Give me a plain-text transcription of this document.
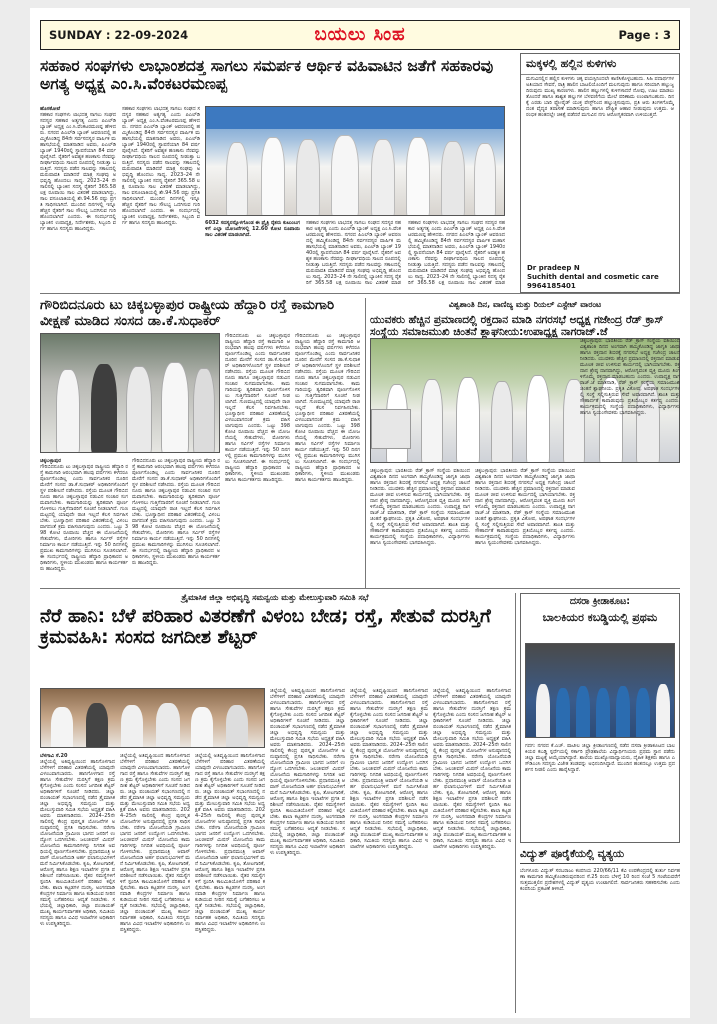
SUNDAY : 22-09-2024	ಬಯಲು ಸಿಂಹ	Page : 3
ಸಹಕಾರ ಸಂಘಗಳು ಲಾಭಾಂಶದತ್ತ ಸಾಗಲು ಸಮರ್ಪಕ ಆರ್ಥಿಕ ವಹಿವಾಟಿನ ಜತೆಗೆ ಸಹಕಾರವು ಅಗತ್ಯ ಅಧ್ಯಕ್ಷ ಎಂ.ಸಿ.ವೆಂಕಟರಮಣಪ್ಪ
ಹೊಸಕೋಟೆ
ಸಹಕಾರ ಸಂಘಗಳು ಲಾಭದತ್ತ ಸಾಗಲು ಸಂಘದ ಸದಸ್ಯರ ಸಹಕಾರ ಅತ್ಯಗತ್ಯ ಎಂದು ಪಿಎಲ್‌ಡಿ ಬ್ಯಾಂಕ್ ಅಧ್ಯಕ್ಷ ಎಂ.ಸಿ.ವೆಂಕಟರಮಣಪ್ಪ ಹೇಳಿದರು. ನಗರದ ಪಿಎಲ್‌ಡಿ ಬ್ಯಾಂಕ್ ಆವರಣದಲ್ಲಿ ಹಮ್ಮಿಕೊಂಡಿದ್ದ 84ನೇ ಸರ್ವಸದಸ್ಯರ ವಾರ್ಷಿಕ ಮಹಾಸಭೆಯಲ್ಲಿ ಮಾತನಾಡಿದ ಅವರು, ಪಿಎಲ್‌ಡಿ ಬ್ಯಾಂಕ್ 1940ರಲ್ಲಿ ಸ್ಥಾಪನೆಯಾಗಿ 84 ವರ್ಷ ಪೂರೈಸಿದೆ. ರೈತರಿಗೆ ಅವಶ್ಯಕ ಹಣಕಾಸು ನೆರವನ್ನು ದೀರ್ಘಾವಧಿಯ ಸಾಲದ ರೂಪದಲ್ಲಿ ನೀಡುತ್ತಾ ಬರುತ್ತಿದೆ. ಸದಸ್ಯರು ಪಡೆದ ಸಾಲವನ್ನು ಸಕಾಲದಲ್ಲಿ ಮರುಪಾವತಿ ಮಾಡಿದರೆ ಮಾತ್ರ ಸಂಘವು ಅಭಿವೃದ್ಧಿ ಹೊಂದಲು ಸಾಧ್ಯ. 2023–24 ನೇ ಸಾಲಿನಲ್ಲಿ ಬ್ಯಾಂಕಿನ ಸದಸ್ಯ ರೈತರಿಗೆ 365.58 ಲಕ್ಷ ರೂಪಾಯಿ ಸಾಲ ವಿತರಣೆ ಮಾಡಲಾಗಿದ್ದು, ಸಾಲ ವಸೂಲಾತಿಯಲ್ಲಿ ಶೇ.94.56 ರಷ್ಟು ಪ್ರಗತಿ ಸಾಧಿಸಲಾಗಿದೆ. ಮುಂದಿನ ದಿನಗಳಲ್ಲಿ ಇನ್ನೂ ಹೆಚ್ಚಿನ ರೈತರಿಗೆ ಸಾಲ ಸೌಲಭ್ಯ ಒದಗಿಸುವ ಗುರಿ ಹೊಂದಲಾಗಿದೆ ಎಂದರು. ಈ ಸಂದರ್ಭದಲ್ಲಿ ಬ್ಯಾಂಕಿನ ಉಪಾಧ್ಯಕ್ಷ, ನಿರ್ದೇಶಕರು, ಸಿಬ್ಬಂದಿ ವರ್ಗ ಹಾಗೂ ಸದಸ್ಯರು ಹಾಜರಿದ್ದರು.
ಸಹಕಾರ ಸಂಘಗಳು ಲಾಭದತ್ತ ಸಾಗಲು ಸಂಘದ ಸದಸ್ಯರ ಸಹಕಾರ ಅತ್ಯಗತ್ಯ ಎಂದು ಪಿಎಲ್‌ಡಿ ಬ್ಯಾಂಕ್ ಅಧ್ಯಕ್ಷ ಎಂ.ಸಿ.ವೆಂಕಟರಮಣಪ್ಪ ಹೇಳಿದರು. ನಗರದ ಪಿಎಲ್‌ಡಿ ಬ್ಯಾಂಕ್ ಆವರಣದಲ್ಲಿ ಹಮ್ಮಿಕೊಂಡಿದ್ದ 84ನೇ ಸರ್ವಸದಸ್ಯರ ವಾರ್ಷಿಕ ಮಹಾಸಭೆಯಲ್ಲಿ ಮಾತನಾಡಿದ ಅವರು, ಪಿಎಲ್‌ಡಿ ಬ್ಯಾಂಕ್ 1940ರಲ್ಲಿ ಸ್ಥಾಪನೆಯಾಗಿ 84 ವರ್ಷ ಪೂರೈಸಿದೆ. ರೈತರಿಗೆ ಅವಶ್ಯಕ ಹಣಕಾಸು ನೆರವನ್ನು ದೀರ್ಘಾವಧಿಯ ಸಾಲದ ರೂಪದಲ್ಲಿ ನೀಡುತ್ತಾ ಬರುತ್ತಿದೆ. ಸದಸ್ಯರು ಪಡೆದ ಸಾಲವನ್ನು ಸಕಾಲದಲ್ಲಿ ಮರುಪಾವತಿ ಮಾಡಿದರೆ ಮಾತ್ರ ಸಂಘವು ಅಭಿವೃದ್ಧಿ ಹೊಂದಲು ಸಾಧ್ಯ. 2023–24 ನೇ ಸಾಲಿನಲ್ಲಿ ಬ್ಯಾಂಕಿನ ಸದಸ್ಯ ರೈತರಿಗೆ 365.58 ಲಕ್ಷ ರೂಪಾಯಿ ಸಾಲ ವಿತರಣೆ ಮಾಡಲಾಗಿದ್ದು, ಸಾಲ ವಸೂಲಾತಿಯಲ್ಲಿ ಶೇ.94.56 ರಷ್ಟು ಪ್ರಗತಿ ಸಾಧಿಸಲಾಗಿದೆ. ಮುಂದಿನ ದಿನಗಳಲ್ಲಿ ಇನ್ನೂ ಹೆಚ್ಚಿನ ರೈತರಿಗೆ ಸಾಲ ಸೌಲಭ್ಯ ಒದಗಿಸುವ ಗುರಿ ಹೊಂದಲಾಗಿದೆ ಎಂದರು. ಈ ಸಂದರ್ಭದಲ್ಲಿ ಬ್ಯಾಂಕಿನ ಉಪಾಧ್ಯಕ್ಷ, ನಿರ್ದೇಶಕರು, ಸಿಬ್ಬಂದಿ ವರ್ಗ ಹಾಗೂ ಸದಸ್ಯರು ಹಾಜರಿದ್ದರು.	6032 ಸದಸ್ಯರನ್ನೊಳಗೊಂಡ ಈ ಪ್ರೈತ್ರಿ ರೈತರು ಕುಟುಂಬಗಳಿಗೆ ಎಲ್ಲಾ ಯೋಜನೆಗಳಲ್ಲಿ 12.60 ಕೋಟಿ ರೂಪಾಯಿ ಸಾಲ ವಿತರಣೆ ಮಾಡಲಾಗಿದೆ.
ಸಹಕಾರ ಸಂಘಗಳು ಲಾಭದತ್ತ ಸಾಗಲು ಸಂಘದ ಸದಸ್ಯರ ಸಹಕಾರ ಅತ್ಯಗತ್ಯ ಎಂದು ಪಿಎಲ್‌ಡಿ ಬ್ಯಾಂಕ್ ಅಧ್ಯಕ್ಷ ಎಂ.ಸಿ.ವೆಂಕಟರಮಣಪ್ಪ ಹೇಳಿದರು. ನಗರದ ಪಿಎಲ್‌ಡಿ ಬ್ಯಾಂಕ್ ಆವರಣದಲ್ಲಿ ಹಮ್ಮಿಕೊಂಡಿದ್ದ 84ನೇ ಸರ್ವಸದಸ್ಯರ ವಾರ್ಷಿಕ ಮಹಾಸಭೆಯಲ್ಲಿ ಮಾತನಾಡಿದ ಅವರು, ಪಿಎಲ್‌ಡಿ ಬ್ಯಾಂಕ್ 1940ರಲ್ಲಿ ಸ್ಥಾಪನೆಯಾಗಿ 84 ವರ್ಷ ಪೂರೈಸಿದೆ. ರೈತರಿಗೆ ಅವಶ್ಯಕ ಹಣಕಾಸು ನೆರವನ್ನು ದೀರ್ಘಾವಧಿಯ ಸಾಲದ ರೂಪದಲ್ಲಿ ನೀಡುತ್ತಾ ಬರುತ್ತಿದೆ. ಸದಸ್ಯರು ಪಡೆದ ಸಾಲವನ್ನು ಸಕಾಲದಲ್ಲಿ ಮರುಪಾವತಿ ಮಾಡಿದರೆ ಮಾತ್ರ ಸಂಘವು ಅಭಿವೃದ್ಧಿ ಹೊಂದಲು ಸಾಧ್ಯ. 2023–24 ನೇ ಸಾಲಿನಲ್ಲಿ ಬ್ಯಾಂಕಿನ ಸದಸ್ಯ ರೈತರಿಗೆ 365.58 ಲಕ್ಷ ರೂಪಾಯಿ ಸಾಲ ವಿತರಣೆ ಮಾಡ
ಸಹಕಾರ ಸಂಘಗಳು ಲಾಭದತ್ತ ಸಾಗಲು ಸಂಘದ ಸದಸ್ಯರ ಸಹಕಾರ ಅತ್ಯಗತ್ಯ ಎಂದು ಪಿಎಲ್‌ಡಿ ಬ್ಯಾಂಕ್ ಅಧ್ಯಕ್ಷ ಎಂ.ಸಿ.ವೆಂಕಟರಮಣಪ್ಪ ಹೇಳಿದರು. ನಗರದ ಪಿಎಲ್‌ಡಿ ಬ್ಯಾಂಕ್ ಆವರಣದಲ್ಲಿ ಹಮ್ಮಿಕೊಂಡಿದ್ದ 84ನೇ ಸರ್ವಸದಸ್ಯರ ವಾರ್ಷಿಕ ಮಹಾಸಭೆಯಲ್ಲಿ ಮಾತನಾಡಿದ ಅವರು, ಪಿಎಲ್‌ಡಿ ಬ್ಯಾಂಕ್ 1940ರಲ್ಲಿ ಸ್ಥಾಪನೆಯಾಗಿ 84 ವರ್ಷ ಪೂರೈಸಿದೆ. ರೈತರಿಗೆ ಅವಶ್ಯಕ ಹಣಕಾಸು ನೆರವನ್ನು ದೀರ್ಘಾವಧಿಯ ಸಾಲದ ರೂಪದಲ್ಲಿ ನೀಡುತ್ತಾ ಬರುತ್ತಿದೆ. ಸದಸ್ಯರು ಪಡೆದ ಸಾಲವನ್ನು ಸಕಾಲದಲ್ಲಿ ಮರುಪಾವತಿ ಮಾಡಿದರೆ ಮಾತ್ರ ಸಂಘವು ಅಭಿವೃದ್ಧಿ ಹೊಂದಲು ಸಾಧ್ಯ. 2023–24 ನೇ ಸಾಲಿನಲ್ಲಿ ಬ್ಯಾಂಕಿನ ಸದಸ್ಯ ರೈತರಿಗೆ 365.58 ಲಕ್ಷ ರೂಪಾಯಿ ಸಾಲ ವಿತರಣೆ ಮಾಡ
ಮಕ್ಕಳಲ್ಲಿ ಹಲ್ಲಿನ ಕುಳಿಗಳು
ಮಗುವಿನಲ್ಲಿನ ಹಲ್ಲಿನ ಕುಳಿಗಳು ಚಿಕ್ಕ ವಯಸ್ಸಿನಿಂದಲೇ ಕಾಣಿಸಿಕೊಳ್ಳಬಹುದು. ಸಿಹಿ ಪದಾರ್ಥಗಳ ಅತಿಯಾದ ಸೇವನೆ, ರಾತ್ರಿ ಹಾಲಿನ ಬಾಟಲಿಯೊಂದಿಗೆ ಮಲಗುವುದು ಹಾಗೂ ಸರಿಯಾಗಿ ಹಲ್ಲುಜ್ಜದಿರುವುದು ಮುಖ್ಯ ಕಾರಣಗಳು. ಹಾಲಿನ ಹಲ್ಲುಗಳಲ್ಲಿ ಕುಳಿಗಳಾದರೆ ನೋವು, ಊಟ ಮಾಡಲು ತೊಂದರೆ ಹಾಗೂ ಶಾಶ್ವತ ಹಲ್ಲುಗಳ ಬೆಳವಣಿಗೆಯ ಮೇಲೆ ಪರಿಣಾಮ ಉಂಟಾಗಬಹುದು. ದಿನಕ್ಕೆ ಎರಡು ಬಾರಿ ಫ್ಲೋರೈಡ್ ಯುಕ್ತ ಪೇಸ್ಟ್‌ನಿಂದ ಹಲ್ಲುಜ್ಜಿಸುವುದು, ಪ್ರತಿ ಆರು ತಿಂಗಳಿಗೊಮ್ಮೆ ದಂತ ವೈದ್ಯರ ತಪಾಸಣೆ ಮಾಡಿಸುವುದು ಹಾಗೂ ಪೌಷ್ಟಿಕ ಆಹಾರ ನೀಡುವುದು ಉತ್ತಮ. ಆರಂಭಿಕ ಹಂತದಲ್ಲೇ ಚಿಕಿತ್ಸೆ ಪಡೆದರೆ ಮಗುವಿನ ನಗು ಆರೋಗ್ಯಕರವಾಗಿ ಉಳಿಯುತ್ತದೆ.
Dr pradeep N
Suchith dental and cosmetic care
9964185401
ಗೌರಿಬಿದನೂರು ಟು ಚಿಕ್ಕಬಳ್ಳಾಪುರ ರಾಷ್ಟ್ರೀಯ ಹೆದ್ದಾರಿ ರಸ್ತೆ ಕಾಮಗಾರಿ ವೀಕ್ಷಣೆ ಮಾಡಿದ ಸಂಸದ ಡಾ.ಕೆ.ಸುಧಾಕರ್
ಗೌರಿಬಿದನೂರು ಟು ಚಿಕ್ಕಬಳ್ಳಾಪುರ ರಾಷ್ಟ್ರೀಯ ಹೆದ್ದಾರಿ ರಸ್ತೆ ಕಾಮಗಾರಿ ಆರಂಭವಾಗಿ ಹಲವು ವರ್ಷಗಳು ಕಳೆದರೂ ಪೂರ್ಣಗೊಂಡಿಲ್ಲ ಎಂದು ಸಾರ್ವಜನಿಕರ ದೂರಿನ ಮೇರೆಗೆ ಸಂಸದ ಡಾ.ಕೆ.ಸುಧಾಕರ್ ಅಧಿಕಾರಿಗಳೊಂದಿಗೆ ಸ್ಥಳ ಪರಿಶೀಲನೆ ನಡೆಸಿದರು. ರಸ್ತೆಯ ಮೂಲಕ ಗೌರಿಬಿದನೂರು ಹಾಗೂ ಚಿಕ್ಕಬಳ್ಳಾಪುರ ನಡುವಿನ ಸಂಚಾರ ಸುಗಮವಾಗಬೇಕು. ಕಾಮಗಾರಿಯನ್ನು ತ್ವರಿತವಾಗಿ ಪೂರ್ಣಗೊಳಿಸಲು ಗುತ್ತಿಗೆದಾರರಿಗೆ ಸೂಚನೆ ನೀಡಲಾಗಿದೆ. ಗುಣಮಟ್ಟದಲ್ಲಿ ಯಾವುದೇ ರಾಜಿ ಇಲ್ಲದೆ ಕೆಲಸ ನಿರ್ವಹಿಸಬೇಕು. ಭೂಸ್ವಾಧೀನ ಪರಿಹಾರ ವಿತರಣೆಯಲ್ಲಿ ವಿಳಂಬವಾಗದಂತೆ ಕ್ರಮ ವಹಿಸಲಾಗುವುದು ಎಂದರು. ಒಟ್ಟು 398 ಕೋಟಿ ರೂಪಾಯಿ ವೆಚ್ಚದ ಈ ಯೋಜನೆಯಲ್ಲಿ ಸೇತುವೆಗಳು, ಮೋರಿಗಳು ಹಾಗೂ ಸರ್ವಿಸ್ ರಸ್ತೆಗಳ ನಿರ್ಮಾಣ ಕಾರ್ಯ ನಡೆಯುತ್ತಿದೆ. ಇನ್ನು 50 ದಿನಗಳಲ್ಲಿ ಪ್ರಮುಖ ಕಾಮಗಾರಿಗಳನ್ನು ಮುಗಿಸಲು ಸೂಚಿಸಲಾಗಿದೆ. ಈ ಸಂದರ್ಭದಲ್ಲಿ ರಾಷ್ಟ್ರೀಯ ಹೆದ್ದಾರಿ ಪ್ರಾಧಿಕಾರದ ಅಧಿಕಾರಿಗಳು, ಸ್ಥಳೀಯ ಮುಖಂಡರು ಹಾಗೂ ಕಾರ್ಯಕರ್ತರು ಹಾಜರಿದ್ದರು.
ಗೌರಿಬಿದನೂರು ಟು ಚಿಕ್ಕಬಳ್ಳಾಪುರ ರಾಷ್ಟ್ರೀಯ ಹೆದ್ದಾರಿ ರಸ್ತೆ ಕಾಮಗಾರಿ ಆರಂಭವಾಗಿ ಹಲವು ವರ್ಷಗಳು ಕಳೆದರೂ ಪೂರ್ಣಗೊಂಡಿಲ್ಲ ಎಂದು ಸಾರ್ವಜನಿಕರ ದೂರಿನ ಮೇರೆಗೆ ಸಂಸದ ಡಾ.ಕೆ.ಸುಧಾಕರ್ ಅಧಿಕಾರಿಗಳೊಂದಿಗೆ ಸ್ಥಳ ಪರಿಶೀಲನೆ ನಡೆಸಿದರು. ರಸ್ತೆಯ ಮೂಲಕ ಗೌರಿಬಿದನೂರು ಹಾಗೂ ಚಿಕ್ಕಬಳ್ಳಾಪುರ ನಡುವಿನ ಸಂಚಾರ ಸುಗಮವಾಗಬೇಕು. ಕಾಮಗಾರಿಯನ್ನು ತ್ವರಿತವಾಗಿ ಪೂರ್ಣಗೊಳಿಸಲು ಗುತ್ತಿಗೆದಾರರಿಗೆ ಸೂಚನೆ ನೀಡಲಾಗಿದೆ. ಗುಣಮಟ್ಟದಲ್ಲಿ ಯಾವುದೇ ರಾಜಿ ಇಲ್ಲದೆ ಕೆಲಸ ನಿರ್ವಹಿಸಬೇಕು. ಭೂಸ್ವಾಧೀನ ಪರಿಹಾರ ವಿತರಣೆಯಲ್ಲಿ ವಿಳಂಬವಾಗದಂತೆ ಕ್ರಮ ವಹಿಸಲಾಗುವುದು ಎಂದರು. ಒಟ್ಟು 398 ಕೋಟಿ ರೂಪಾಯಿ ವೆಚ್ಚದ ಈ ಯೋಜನೆಯಲ್ಲಿ ಸೇತುವೆಗಳು, ಮೋರಿಗಳು ಹಾಗೂ ಸರ್ವಿಸ್ ರಸ್ತೆಗಳ ನಿರ್ಮಾಣ ಕಾರ್ಯ ನಡೆಯುತ್ತಿದೆ. ಇನ್ನು 50 ದಿನಗಳಲ್ಲಿ ಪ್ರಮುಖ ಕಾಮಗಾರಿಗಳನ್ನು ಮುಗಿಸಲು ಸೂಚಿಸಲಾಗಿದೆ. ಈ ಸಂದರ್ಭದಲ್ಲಿ ರಾಷ್ಟ್ರೀಯ ಹೆದ್ದಾರಿ ಪ್ರಾಧಿಕಾರದ ಅಧಿಕಾರಿಗಳು, ಸ್ಥಳೀಯ ಮುಖಂಡರು ಹಾಗೂ ಕಾರ್ಯಕರ್ತರು ಹಾಜರಿದ್ದರು.
ಚಿಕ್ಕಬಳ್ಳಾಪುರ
ಗೌರಿಬಿದನೂರು ಟು ಚಿಕ್ಕಬಳ್ಳಾಪುರ ರಾಷ್ಟ್ರೀಯ ಹೆದ್ದಾರಿ ರಸ್ತೆ ಕಾಮಗಾರಿ ಆರಂಭವಾಗಿ ಹಲವು ವರ್ಷಗಳು ಕಳೆದರೂ ಪೂರ್ಣಗೊಂಡಿಲ್ಲ ಎಂದು ಸಾರ್ವಜನಿಕರ ದೂರಿನ ಮೇರೆಗೆ ಸಂಸದ ಡಾ.ಕೆ.ಸುಧಾಕರ್ ಅಧಿಕಾರಿಗಳೊಂದಿಗೆ ಸ್ಥಳ ಪರಿಶೀಲನೆ ನಡೆಸಿದರು. ರಸ್ತೆಯ ಮೂಲಕ ಗೌರಿಬಿದನೂರು ಹಾಗೂ ಚಿಕ್ಕಬಳ್ಳಾಪುರ ನಡುವಿನ ಸಂಚಾರ ಸುಗಮವಾಗಬೇಕು. ಕಾಮಗಾರಿಯನ್ನು ತ್ವರಿತವಾಗಿ ಪೂರ್ಣಗೊಳಿಸಲು ಗುತ್ತಿಗೆದಾರರಿಗೆ ಸೂಚನೆ ನೀಡಲಾಗಿದೆ. ಗುಣಮಟ್ಟದಲ್ಲಿ ಯಾವುದೇ ರಾಜಿ ಇಲ್ಲದೆ ಕೆಲಸ ನಿರ್ವಹಿಸಬೇಕು. ಭೂಸ್ವಾಧೀನ ಪರಿಹಾರ ವಿತರಣೆಯಲ್ಲಿ ವಿಳಂಬವಾಗದಂತೆ ಕ್ರಮ ವಹಿಸಲಾಗುವುದು ಎಂದರು. ಒಟ್ಟು 398 ಕೋಟಿ ರೂಪಾಯಿ ವೆಚ್ಚದ ಈ ಯೋಜನೆಯಲ್ಲಿ ಸೇತುವೆಗಳು, ಮೋರಿಗಳು ಹಾಗೂ ಸರ್ವಿಸ್ ರಸ್ತೆಗಳ ನಿರ್ಮಾಣ ಕಾರ್ಯ ನಡೆಯುತ್ತಿದೆ. ಇನ್ನು 50 ದಿನಗಳಲ್ಲಿ ಪ್ರಮುಖ ಕಾಮಗಾರಿಗಳನ್ನು ಮುಗಿಸಲು ಸೂಚಿಸಲಾಗಿದೆ. ಈ ಸಂದರ್ಭದಲ್ಲಿ ರಾಷ್ಟ್ರೀಯ ಹೆದ್ದಾರಿ ಪ್ರಾಧಿಕಾರದ ಅಧಿಕಾರಿಗಳು, ಸ್ಥಳೀಯ ಮುಖಂಡರು ಹಾಗೂ ಕಾರ್ಯಕರ್ತರು ಹಾಜರಿದ್ದರು.
ಗೌರಿಬಿದನೂರು ಟು ಚಿಕ್ಕಬಳ್ಳಾಪುರ ರಾಷ್ಟ್ರೀಯ ಹೆದ್ದಾರಿ ರಸ್ತೆ ಕಾಮಗಾರಿ ಆರಂಭವಾಗಿ ಹಲವು ವರ್ಷಗಳು ಕಳೆದರೂ ಪೂರ್ಣಗೊಂಡಿಲ್ಲ ಎಂದು ಸಾರ್ವಜನಿಕರ ದೂರಿನ ಮೇರೆಗೆ ಸಂಸದ ಡಾ.ಕೆ.ಸುಧಾಕರ್ ಅಧಿಕಾರಿಗಳೊಂದಿಗೆ ಸ್ಥಳ ಪರಿಶೀಲನೆ ನಡೆಸಿದರು. ರಸ್ತೆಯ ಮೂಲಕ ಗೌರಿಬಿದನೂರು ಹಾಗೂ ಚಿಕ್ಕಬಳ್ಳಾಪುರ ನಡುವಿನ ಸಂಚಾರ ಸುಗಮವಾಗಬೇಕು. ಕಾಮಗಾರಿಯನ್ನು ತ್ವರಿತವಾಗಿ ಪೂರ್ಣಗೊಳಿಸಲು ಗುತ್ತಿಗೆದಾರರಿಗೆ ಸೂಚನೆ ನೀಡಲಾಗಿದೆ. ಗುಣಮಟ್ಟದಲ್ಲಿ ಯಾವುದೇ ರಾಜಿ ಇಲ್ಲದೆ ಕೆಲಸ ನಿರ್ವಹಿಸಬೇಕು. ಭೂಸ್ವಾಧೀನ ಪರಿಹಾರ ವಿತರಣೆಯಲ್ಲಿ ವಿಳಂಬವಾಗದಂತೆ ಕ್ರಮ ವಹಿಸಲಾಗುವುದು ಎಂದರು. ಒಟ್ಟು 398 ಕೋಟಿ ರೂಪಾಯಿ ವೆಚ್ಚದ ಈ ಯೋಜನೆಯಲ್ಲಿ ಸೇತುವೆಗಳು, ಮೋರಿಗಳು ಹಾಗೂ ಸರ್ವಿಸ್ ರಸ್ತೆಗಳ ನಿರ್ಮಾಣ ಕಾರ್ಯ ನಡೆಯುತ್ತಿದೆ. ಇನ್ನು 50 ದಿನಗಳಲ್ಲಿ ಪ್ರಮುಖ ಕಾಮಗಾರಿಗಳನ್ನು ಮುಗಿಸಲು ಸೂಚಿಸಲಾಗಿದೆ. ಈ ಸಂದರ್ಭದಲ್ಲಿ ರಾಷ್ಟ್ರೀಯ ಹೆದ್ದಾರಿ ಪ್ರಾಧಿಕಾರದ ಅಧಿಕಾರಿಗಳು, ಸ್ಥಳೀಯ ಮುಖಂಡರು ಹಾಗೂ ಕಾರ್ಯಕರ್ತರು ಹಾಜರಿದ್ದರು.
ವಿಶ್ವಶಾಂತಿ ದಿನ, ವಾಣಿಜ್ಯ ಮತ್ತು ರಿಯಲ್ ಎಸ್ಟೇಟ್ ವಾರಂಟ
ಯುವಕರು ಹೆಚ್ಚಿನ ಪ್ರಮಾಣದಲ್ಲಿ ರಕ್ತದಾನ ಮಾಡಿ ನಗರಸಭೆ ಅಧ್ಯಕ್ಷ ಗಜೇಂದ್ರ ರೆಡ್ ಕ್ರಾಸ್ ಸಂಸ್ಥೆಯ ಸಮಾಜಮುಖಿ ಚಿಂತನೆ ಶ್ಲಾಘನೀಯ:ಉಪಾಧ್ಯಕ್ಷ ನಾಗರಾಜ್.ಜೆ
ಚಿಕ್ಕಬಳ್ಳಾಪುರ: ಭಾರತೀಯ ರೆಡ್ ಕ್ರಾಸ್ ಸಂಸ್ಥೆಯ ವತಿಯಿಂದ ವಿಶ್ವಶಾಂತಿ ದಿನದ ಅಂಗವಾಗಿ ಹಮ್ಮಿಕೊಂಡಿದ್ದ ಜಾಗೃತಿ ಜಾಥಾ ಹಾಗೂ ರಕ್ತದಾನ ಶಿಬಿರಕ್ಕೆ ನಗರಸಭೆ ಅಧ್ಯಕ್ಷ ಗಜೇಂದ್ರ ಚಾಲನೆ ನೀಡಿದರು. ಯುವಕರು ಹೆಚ್ಚಿನ ಪ್ರಮಾಣದಲ್ಲಿ ರಕ್ತದಾನ ಮಾಡುವ ಮೂಲಕ ಜೀವ ಉಳಿಸುವ ಕಾರ್ಯದಲ್ಲಿ ಭಾಗಿಯಾಗಬೇಕು. ರಕ್ತದಾನ ಶ್ರೇಷ್ಠ ದಾನವಾಗಿದ್ದು, ಆರೋಗ್ಯವಂತ ವ್ಯಕ್ತಿ ಮೂರು ತಿಂಗಳಿಗೊಮ್ಮೆ ರಕ್ತದಾನ ಮಾಡಬಹುದು ಎಂದರು. ಉಪಾಧ್ಯಕ್ಷ ನಾಗರಾಜ್.ಜೆ ಮಾತನಾಡಿ, ರೆಡ್ ಕ್ರಾಸ್ ಸಂಸ್ಥೆಯ ಸಮಾಜಮುಖಿ ಚಿಂತನೆ ಶ್ಲಾಘನೀಯ. ಪ್ರಕೃತಿ ವಿಕೋಪ, ಅಪಘಾತ ಸಂದರ್ಭಗಳಲ್ಲಿ ಸಂಸ್ಥೆ ಸಲ್ಲಿಸುತ್ತಿರುವ ಸೇವೆ ಅಪಾರವಾಗಿದೆ. ಶಾಂತಿ ಮತ್ತು ಸೌಹಾರ್ದತೆ ಕಾಪಾಡುವುದು ಪ್ರತಿಯೊಬ್ಬರ ಕರ್ತವ್ಯ ಎಂದರು. ಕಾರ್ಯಕ್ರಮದಲ್ಲಿ ಸಂಸ್ಥೆಯ ಪದಾಧಿಕಾರಿಗಳು, ವಿದ್ಯಾರ್ಥಿಗಳು ಹಾಗೂ ಸ್ವಯಂಸೇವಕರು ಭಾಗವಹಿಸಿದ್ದರು.
ಚಿಕ್ಕಬಳ್ಳಾಪುರ: ಭಾರತೀಯ ರೆಡ್ ಕ್ರಾಸ್ ಸಂಸ್ಥೆಯ ವತಿಯಿಂದ ವಿಶ್ವಶಾಂತಿ ದಿನದ ಅಂಗವಾಗಿ ಹಮ್ಮಿಕೊಂಡಿದ್ದ ಜಾಗೃತಿ ಜಾಥಾ ಹಾಗೂ ರಕ್ತದಾನ ಶಿಬಿರಕ್ಕೆ ನಗರಸಭೆ ಅಧ್ಯಕ್ಷ ಗಜೇಂದ್ರ ಚಾಲನೆ ನೀಡಿದರು. ಯುವಕರು ಹೆಚ್ಚಿನ ಪ್ರಮಾಣದಲ್ಲಿ ರಕ್ತದಾನ ಮಾಡುವ ಮೂಲಕ ಜೀವ ಉಳಿಸುವ ಕಾರ್ಯದಲ್ಲಿ ಭಾಗಿಯಾಗಬೇಕು. ರಕ್ತದಾನ ಶ್ರೇಷ್ಠ ದಾನವಾಗಿದ್ದು, ಆರೋಗ್ಯವಂತ ವ್ಯಕ್ತಿ ಮೂರು ತಿಂಗಳಿಗೊಮ್ಮೆ ರಕ್ತದಾನ ಮಾಡಬಹುದು ಎಂದರು. ಉಪಾಧ್ಯಕ್ಷ ನಾಗರಾಜ್.ಜೆ ಮಾತನಾಡಿ, ರೆಡ್ ಕ್ರಾಸ್ ಸಂಸ್ಥೆಯ ಸಮಾಜಮುಖಿ ಚಿಂತನೆ ಶ್ಲಾಘನೀಯ. ಪ್ರಕೃತಿ ವಿಕೋಪ, ಅಪಘಾತ ಸಂದರ್ಭಗಳಲ್ಲಿ ಸಂಸ್ಥೆ ಸಲ್ಲಿಸುತ್ತಿರುವ ಸೇವೆ ಅಪಾರವಾಗಿದೆ. ಶಾಂತಿ ಮತ್ತು ಸೌಹಾರ್ದತೆ ಕಾಪಾಡುವುದು ಪ್ರತಿಯೊಬ್ಬರ ಕರ್ತವ್ಯ ಎಂದರು. ಕಾರ್ಯಕ್ರಮದಲ್ಲಿ ಸಂಸ್ಥೆಯ ಪದಾಧಿಕಾರಿಗಳು, ವಿದ್ಯಾರ್ಥಿಗಳು ಹಾಗೂ ಸ್ವಯಂಸೇವಕರು ಭಾಗವಹಿಸಿದ್ದರು.
ಚಿಕ್ಕಬಳ್ಳಾಪುರ: ಭಾರತೀಯ ರೆಡ್ ಕ್ರಾಸ್ ಸಂಸ್ಥೆಯ ವತಿಯಿಂದ ವಿಶ್ವಶಾಂತಿ ದಿನದ ಅಂಗವಾಗಿ ಹಮ್ಮಿಕೊಂಡಿದ್ದ ಜಾಗೃತಿ ಜಾಥಾ ಹಾಗೂ ರಕ್ತದಾನ ಶಿಬಿರಕ್ಕೆ ನಗರಸಭೆ ಅಧ್ಯಕ್ಷ ಗಜೇಂದ್ರ ಚಾಲನೆ ನೀಡಿದರು. ಯುವಕರು ಹೆಚ್ಚಿನ ಪ್ರಮಾಣದಲ್ಲಿ ರಕ್ತದಾನ ಮಾಡುವ ಮೂಲಕ ಜೀವ ಉಳಿಸುವ ಕಾರ್ಯದಲ್ಲಿ ಭಾಗಿಯಾಗಬೇಕು. ರಕ್ತದಾನ ಶ್ರೇಷ್ಠ ದಾನವಾಗಿದ್ದು, ಆರೋಗ್ಯವಂತ ವ್ಯಕ್ತಿ ಮೂರು ತಿಂಗಳಿಗೊಮ್ಮೆ ರಕ್ತದಾನ ಮಾಡಬಹುದು ಎಂದರು. ಉಪಾಧ್ಯಕ್ಷ ನಾಗರಾಜ್.ಜೆ ಮಾತನಾಡಿ, ರೆಡ್ ಕ್ರಾಸ್ ಸಂಸ್ಥೆಯ ಸಮಾಜಮುಖಿ ಚಿಂತನೆ ಶ್ಲಾಘನೀಯ. ಪ್ರಕೃತಿ ವಿಕೋಪ, ಅಪಘಾತ ಸಂದರ್ಭಗಳಲ್ಲಿ ಸಂಸ್ಥೆ ಸಲ್ಲಿಸುತ್ತಿರುವ ಸೇವೆ ಅಪಾರವಾಗಿದೆ. ಶಾಂತಿ ಮತ್ತು ಸೌಹಾರ್ದತೆ ಕಾಪಾಡುವುದು ಪ್ರತಿಯೊಬ್ಬರ ಕರ್ತವ್ಯ ಎಂದರು. ಕಾರ್ಯಕ್ರಮದಲ್ಲಿ ಸಂಸ್ಥೆಯ ಪದಾಧಿಕಾರಿಗಳು, ವಿದ್ಯಾರ್ಥಿಗಳು ಹಾಗೂ ಸ್ವಯಂಸೇವಕರು ಭಾಗವಹಿಸಿದ್ದರು.
ತ್ರೈಮಾಸಿಕ ಜಿಲ್ಲಾ ಅಭಿವೃದ್ಧಿ ಸಮನ್ವಯ ಮತ್ತು ಮೇಲುಸ್ತುವಾರಿ ಸಮಿತಿ ಸಭೆ
ನೆರೆ ಹಾನಿ: ಬೆಳೆ ಪರಿಹಾರ ವಿತರಣೆಗೆ ವಿಳಂಬ ಬೇಡ; ರಸ್ತೆ, ಸೇತುವೆ ದುರಸ್ತಿಗೆ ಕ್ರಮವಹಿಸಿ: ಸಂಸದ ಜಗದೀಶ ಶೆಟ್ಟರ್
ಬೆಳಗಾವಿ ಸೆ.20
ಜಿಲ್ಲೆಯಲ್ಲಿ ಅತಿವೃಷ್ಟಿಯಿಂದ ಹಾನಿಗೊಳಗಾದ ಬೆಳೆಗಳಿಗೆ ಪರಿಹಾರ ವಿತರಣೆಯಲ್ಲಿ ಯಾವುದೇ ವಿಳಂಬವಾಗಬಾರದು. ಹಾನಿಗೊಳಗಾದ ರಸ್ತೆ ಹಾಗೂ ಸೇತುವೆಗಳ ದುರಸ್ತಿಗೆ ತಕ್ಷಣ ಕ್ರಮ ಕೈಗೊಳ್ಳಬೇಕು ಎಂದು ಸಂಸದ ಜಗದೀಶ ಶೆಟ್ಟರ್ ಅಧಿಕಾರಿಗಳಿಗೆ ಸೂಚನೆ ನೀಡಿದರು. ಜಿಲ್ಲಾ ಪಂಚಾಯತ್ ಸಭಾಂಗಣದಲ್ಲಿ ನಡೆದ ತ್ರೈಮಾಸಿಕ ಜಿಲ್ಲಾ ಅಭಿವೃದ್ಧಿ ಸಮನ್ವಯ ಮತ್ತು ಮೇಲುಸ್ತುವಾರಿ ಸಮಿತಿ ಸಭೆಯ ಅಧ್ಯಕ್ಷತೆ ವಹಿಸಿ ಅವರು ಮಾತನಾಡಿದರು. 2024–25ನೇ ಸಾಲಿನಲ್ಲಿ ಕೇಂದ್ರ ಪುರಸ್ಕೃತ ಯೋಜನೆಗಳ ಅನುಷ್ಠಾನದಲ್ಲಿ ಪ್ರಗತಿ ಸಾಧಿಸಬೇಕು. ನರೇಗಾ ಯೋಜನೆಯಡಿ ಗ್ರಾಮೀಣ ಭಾಗದ ಜನರಿಗೆ ಉದ್ಯೋಗ ಒದಗಿಸಬೇಕು. ಜಲಜೀವನ್ ಮಿಷನ್ ಯೋಜನೆಯ ಕಾಮಗಾರಿಗಳನ್ನು ನಿಗದಿತ ಅವಧಿಯಲ್ಲಿ ಪೂರ್ಣಗೊಳಿಸಬೇಕು. ಪ್ರಧಾನಮಂತ್ರಿ ಆವಾಸ್ ಯೋಜನೆಯಡಿ ಅರ್ಹ ಫಲಾನುಭವಿಗಳಿಗೆ ಮನೆ ನಿರ್ಮಿಸಿಕೊಡಬೇಕು. ಕೃಷಿ, ತೋಟಗಾರಿಕೆ, ಆರೋಗ್ಯ ಹಾಗೂ ಶಿಕ್ಷಣ ಇಲಾಖೆಗಳ ಪ್ರಗತಿ ಪರಿಶೀಲನೆ ನಡೆಸಲಾಯಿತು. ರೈತರ ಸಮಸ್ಯೆಗಳಿಗೆ ಸ್ಪಂದಿಸಿ ಕಾಲಮಿತಿಯೊಳಗೆ ಪರಿಹಾರ ಕಲ್ಪಿಸಬೇಕು. ಶಾಲಾ ಕಟ್ಟಡಗಳ ದುರಸ್ತಿ, ಅಂಗನವಾಡಿ ಕೇಂದ್ರಗಳ ನಿರ್ಮಾಣ ಹಾಗೂ ಕುಡಿಯುವ ನೀರಿನ ಸಮಸ್ಯೆ ಬಗೆಹರಿಸಲು ಆದ್ಯತೆ ನೀಡಬೇಕು. ಸಭೆಯಲ್ಲಿ ಜಿಲ್ಲಾಧಿಕಾರಿ, ಜಿಲ್ಲಾ ಪಂಚಾಯತ್ ಮುಖ್ಯ ಕಾರ್ಯನಿರ್ವಾಹಕ ಅಧಿಕಾರಿ, ಸಮಿತಿಯ ಸದಸ್ಯರು ಹಾಗೂ ವಿವಿಧ ಇಲಾಖೆಗಳ ಅಧಿಕಾರಿಗಳು ಉಪಸ್ಥಿತರಿದ್ದರು.
ಜಿಲ್ಲೆಯಲ್ಲಿ ಅತಿವೃಷ್ಟಿಯಿಂದ ಹಾನಿಗೊಳಗಾದ ಬೆಳೆಗಳಿಗೆ ಪರಿಹಾರ ವಿತರಣೆಯಲ್ಲಿ ಯಾವುದೇ ವಿಳಂಬವಾಗಬಾರದು. ಹಾನಿಗೊಳಗಾದ ರಸ್ತೆ ಹಾಗೂ ಸೇತುವೆಗಳ ದುರಸ್ತಿಗೆ ತಕ್ಷಣ ಕ್ರಮ ಕೈಗೊಳ್ಳಬೇಕು ಎಂದು ಸಂಸದ ಜಗದೀಶ ಶೆಟ್ಟರ್ ಅಧಿಕಾರಿಗಳಿಗೆ ಸೂಚನೆ ನೀಡಿದರು. ಜಿಲ್ಲಾ ಪಂಚಾಯತ್ ಸಭಾಂಗಣದಲ್ಲಿ ನಡೆದ ತ್ರೈಮಾಸಿಕ ಜಿಲ್ಲಾ ಅಭಿವೃದ್ಧಿ ಸಮನ್ವಯ ಮತ್ತು ಮೇಲುಸ್ತುವಾರಿ ಸಮಿತಿ ಸಭೆಯ ಅಧ್ಯಕ್ಷತೆ ವಹಿಸಿ ಅವರು ಮಾತನಾಡಿದರು. 2024–25ನೇ ಸಾಲಿನಲ್ಲಿ ಕೇಂದ್ರ ಪುರಸ್ಕೃತ ಯೋಜನೆಗಳ ಅನುಷ್ಠಾನದಲ್ಲಿ ಪ್ರಗತಿ ಸಾಧಿಸಬೇಕು. ನರೇಗಾ ಯೋಜನೆಯಡಿ ಗ್ರಾಮೀಣ ಭಾಗದ ಜನರಿಗೆ ಉದ್ಯೋಗ ಒದಗಿಸಬೇಕು. ಜಲಜೀವನ್ ಮಿಷನ್ ಯೋಜನೆಯ ಕಾಮಗಾರಿಗಳನ್ನು ನಿಗದಿತ ಅವಧಿಯಲ್ಲಿ ಪೂರ್ಣಗೊಳಿಸಬೇಕು. ಪ್ರಧಾನಮಂತ್ರಿ ಆವಾಸ್ ಯೋಜನೆಯಡಿ ಅರ್ಹ ಫಲಾನುಭವಿಗಳಿಗೆ ಮನೆ ನಿರ್ಮಿಸಿಕೊಡಬೇಕು. ಕೃಷಿ, ತೋಟಗಾರಿಕೆ, ಆರೋಗ್ಯ ಹಾಗೂ ಶಿಕ್ಷಣ ಇಲಾಖೆಗಳ ಪ್ರಗತಿ ಪರಿಶೀಲನೆ ನಡೆಸಲಾಯಿತು. ರೈತರ ಸಮಸ್ಯೆಗಳಿಗೆ ಸ್ಪಂದಿಸಿ ಕಾಲಮಿತಿಯೊಳಗೆ ಪರಿಹಾರ ಕಲ್ಪಿಸಬೇಕು. ಶಾಲಾ ಕಟ್ಟಡಗಳ ದುರಸ್ತಿ, ಅಂಗನವಾಡಿ ಕೇಂದ್ರಗಳ ನಿರ್ಮಾಣ ಹಾಗೂ ಕುಡಿಯುವ ನೀರಿನ ಸಮಸ್ಯೆ ಬಗೆಹರಿಸಲು ಆದ್ಯತೆ ನೀಡಬೇಕು. ಸಭೆಯಲ್ಲಿ ಜಿಲ್ಲಾಧಿಕಾರಿ, ಜಿಲ್ಲಾ ಪಂಚಾಯತ್ ಮುಖ್ಯ ಕಾರ್ಯನಿರ್ವಾಹಕ ಅಧಿಕಾರಿ, ಸಮಿತಿಯ ಸದಸ್ಯರು ಹಾಗೂ ವಿವಿಧ ಇಲಾಖೆಗಳ ಅಧಿಕಾರಿಗಳು ಉಪಸ್ಥಿತರಿದ್ದರು.
ಜಿಲ್ಲೆಯಲ್ಲಿ ಅತಿವೃಷ್ಟಿಯಿಂದ ಹಾನಿಗೊಳಗಾದ ಬೆಳೆಗಳಿಗೆ ಪರಿಹಾರ ವಿತರಣೆಯಲ್ಲಿ ಯಾವುದೇ ವಿಳಂಬವಾಗಬಾರದು. ಹಾನಿಗೊಳಗಾದ ರಸ್ತೆ ಹಾಗೂ ಸೇತುವೆಗಳ ದುರಸ್ತಿಗೆ ತಕ್ಷಣ ಕ್ರಮ ಕೈಗೊಳ್ಳಬೇಕು ಎಂದು ಸಂಸದ ಜಗದೀಶ ಶೆಟ್ಟರ್ ಅಧಿಕಾರಿಗಳಿಗೆ ಸೂಚನೆ ನೀಡಿದರು. ಜಿಲ್ಲಾ ಪಂಚಾಯತ್ ಸಭಾಂಗಣದಲ್ಲಿ ನಡೆದ ತ್ರೈಮಾಸಿಕ ಜಿಲ್ಲಾ ಅಭಿವೃದ್ಧಿ ಸಮನ್ವಯ ಮತ್ತು ಮೇಲುಸ್ತುವಾರಿ ಸಮಿತಿ ಸಭೆಯ ಅಧ್ಯಕ್ಷತೆ ವಹಿಸಿ ಅವರು ಮಾತನಾಡಿದರು. 2024–25ನೇ ಸಾಲಿನಲ್ಲಿ ಕೇಂದ್ರ ಪುರಸ್ಕೃತ ಯೋಜನೆಗಳ ಅನುಷ್ಠಾನದಲ್ಲಿ ಪ್ರಗತಿ ಸಾಧಿಸಬೇಕು. ನರೇಗಾ ಯೋಜನೆಯಡಿ ಗ್ರಾಮೀಣ ಭಾಗದ ಜನರಿಗೆ ಉದ್ಯೋಗ ಒದಗಿಸಬೇಕು. ಜಲಜೀವನ್ ಮಿಷನ್ ಯೋಜನೆಯ ಕಾಮಗಾರಿಗಳನ್ನು ನಿಗದಿತ ಅವಧಿಯಲ್ಲಿ ಪೂರ್ಣಗೊಳಿಸಬೇಕು. ಪ್ರಧಾನಮಂತ್ರಿ ಆವಾಸ್ ಯೋಜನೆಯಡಿ ಅರ್ಹ ಫಲಾನುಭವಿಗಳಿಗೆ ಮನೆ ನಿರ್ಮಿಸಿಕೊಡಬೇಕು. ಕೃಷಿ, ತೋಟಗಾರಿಕೆ, ಆರೋಗ್ಯ ಹಾಗೂ ಶಿಕ್ಷಣ ಇಲಾಖೆಗಳ ಪ್ರಗತಿ ಪರಿಶೀಲನೆ ನಡೆಸಲಾಯಿತು. ರೈತರ ಸಮಸ್ಯೆಗಳಿಗೆ ಸ್ಪಂದಿಸಿ ಕಾಲಮಿತಿಯೊಳಗೆ ಪರಿಹಾರ ಕಲ್ಪಿಸಬೇಕು. ಶಾಲಾ ಕಟ್ಟಡಗಳ ದುರಸ್ತಿ, ಅಂಗನವಾಡಿ ಕೇಂದ್ರಗಳ ನಿರ್ಮಾಣ ಹಾಗೂ ಕುಡಿಯುವ ನೀರಿನ ಸಮಸ್ಯೆ ಬಗೆಹರಿಸಲು ಆದ್ಯತೆ ನೀಡಬೇಕು. ಸಭೆಯಲ್ಲಿ ಜಿಲ್ಲಾಧಿಕಾರಿ, ಜಿಲ್ಲಾ ಪಂಚಾಯತ್ ಮುಖ್ಯ ಕಾರ್ಯನಿರ್ವಾಹಕ ಅಧಿಕಾರಿ, ಸಮಿತಿಯ ಸದಸ್ಯರು ಹಾಗೂ ವಿವಿಧ ಇಲಾಖೆಗಳ ಅಧಿಕಾರಿಗಳು ಉಪಸ್ಥಿತರಿದ್ದರು.
ಜಿಲ್ಲೆಯಲ್ಲಿ ಅತಿವೃಷ್ಟಿಯಿಂದ ಹಾನಿಗೊಳಗಾದ ಬೆಳೆಗಳಿಗೆ ಪರಿಹಾರ ವಿತರಣೆಯಲ್ಲಿ ಯಾವುದೇ ವಿಳಂಬವಾಗಬಾರದು. ಹಾನಿಗೊಳಗಾದ ರಸ್ತೆ ಹಾಗೂ ಸೇತುವೆಗಳ ದುರಸ್ತಿಗೆ ತಕ್ಷಣ ಕ್ರಮ ಕೈಗೊಳ್ಳಬೇಕು ಎಂದು ಸಂಸದ ಜಗದೀಶ ಶೆಟ್ಟರ್ ಅಧಿಕಾರಿಗಳಿಗೆ ಸೂಚನೆ ನೀಡಿದರು. ಜಿಲ್ಲಾ ಪಂಚಾಯತ್ ಸಭಾಂಗಣದಲ್ಲಿ ನಡೆದ ತ್ರೈಮಾಸಿಕ ಜಿಲ್ಲಾ ಅಭಿವೃದ್ಧಿ ಸಮನ್ವಯ ಮತ್ತು ಮೇಲುಸ್ತುವಾರಿ ಸಮಿತಿ ಸಭೆಯ ಅಧ್ಯಕ್ಷತೆ ವಹಿಸಿ ಅವರು ಮಾತನಾಡಿದರು. 2024–25ನೇ ಸಾಲಿನಲ್ಲಿ ಕೇಂದ್ರ ಪುರಸ್ಕೃತ ಯೋಜನೆಗಳ ಅನುಷ್ಠಾನದಲ್ಲಿ ಪ್ರಗತಿ ಸಾಧಿಸಬೇಕು. ನರೇಗಾ ಯೋಜನೆಯಡಿ ಗ್ರಾಮೀಣ ಭಾಗದ ಜನರಿಗೆ ಉದ್ಯೋಗ ಒದಗಿಸಬೇಕು. ಜಲಜೀವನ್ ಮಿಷನ್ ಯೋಜನೆಯ ಕಾಮಗಾರಿಗಳನ್ನು ನಿಗದಿತ ಅವಧಿಯಲ್ಲಿ ಪೂರ್ಣಗೊಳಿಸಬೇಕು. ಪ್ರಧಾನಮಂತ್ರಿ ಆವಾಸ್ ಯೋಜನೆಯಡಿ ಅರ್ಹ ಫಲಾನುಭವಿಗಳಿಗೆ ಮನೆ ನಿರ್ಮಿಸಿಕೊಡಬೇಕು. ಕೃಷಿ, ತೋಟಗಾರಿಕೆ, ಆರೋಗ್ಯ ಹಾಗೂ ಶಿಕ್ಷಣ ಇಲಾಖೆಗಳ ಪ್ರಗತಿ ಪರಿಶೀಲನೆ ನಡೆಸಲಾಯಿತು. ರೈತರ ಸಮಸ್ಯೆಗಳಿಗೆ ಸ್ಪಂದಿಸಿ ಕಾಲಮಿತಿಯೊಳಗೆ ಪರಿಹಾರ ಕಲ್ಪಿಸಬೇಕು. ಶಾಲಾ ಕಟ್ಟಡಗಳ ದುರಸ್ತಿ, ಅಂಗನವಾಡಿ ಕೇಂದ್ರಗಳ ನಿರ್ಮಾಣ ಹಾಗೂ ಕುಡಿಯುವ ನೀರಿನ ಸಮಸ್ಯೆ ಬಗೆಹರಿಸಲು ಆದ್ಯತೆ ನೀಡಬೇಕು. ಸಭೆಯಲ್ಲಿ ಜಿಲ್ಲಾಧಿಕಾರಿ, ಜಿಲ್ಲಾ ಪಂಚಾಯತ್ ಮುಖ್ಯ ಕಾರ್ಯನಿರ್ವಾಹಕ ಅಧಿಕಾರಿ, ಸಮಿತಿಯ ಸದಸ್ಯರು ಹಾಗೂ ವಿವಿಧ ಇಲಾಖೆಗಳ ಅಧಿಕಾರಿಗಳು ಉಪಸ್ಥಿತರಿದ್ದರು.
ಜಿಲ್ಲೆಯಲ್ಲಿ ಅತಿವೃಷ್ಟಿಯಿಂದ ಹಾನಿಗೊಳಗಾದ ಬೆಳೆಗಳಿಗೆ ಪರಿಹಾರ ವಿತರಣೆಯಲ್ಲಿ ಯಾವುದೇ ವಿಳಂಬವಾಗಬಾರದು. ಹಾನಿಗೊಳಗಾದ ರಸ್ತೆ ಹಾಗೂ ಸೇತುವೆಗಳ ದುರಸ್ತಿಗೆ ತಕ್ಷಣ ಕ್ರಮ ಕೈಗೊಳ್ಳಬೇಕು ಎಂದು ಸಂಸದ ಜಗದೀಶ ಶೆಟ್ಟರ್ ಅಧಿಕಾರಿಗಳಿಗೆ ಸೂಚನೆ ನೀಡಿದರು. ಜಿಲ್ಲಾ ಪಂಚಾಯತ್ ಸಭಾಂಗಣದಲ್ಲಿ ನಡೆದ ತ್ರೈಮಾಸಿಕ ಜಿಲ್ಲಾ ಅಭಿವೃದ್ಧಿ ಸಮನ್ವಯ ಮತ್ತು ಮೇಲುಸ್ತುವಾರಿ ಸಮಿತಿ ಸಭೆಯ ಅಧ್ಯಕ್ಷತೆ ವಹಿಸಿ ಅವರು ಮಾತನಾಡಿದರು. 2024–25ನೇ ಸಾಲಿನಲ್ಲಿ ಕೇಂದ್ರ ಪುರಸ್ಕೃತ ಯೋಜನೆಗಳ ಅನುಷ್ಠಾನದಲ್ಲಿ ಪ್ರಗತಿ ಸಾಧಿಸಬೇಕು. ನರೇಗಾ ಯೋಜನೆಯಡಿ ಗ್ರಾಮೀಣ ಭಾಗದ ಜನರಿಗೆ ಉದ್ಯೋಗ ಒದಗಿಸಬೇಕು. ಜಲಜೀವನ್ ಮಿಷನ್ ಯೋಜನೆಯ ಕಾಮಗಾರಿಗಳನ್ನು ನಿಗದಿತ ಅವಧಿಯಲ್ಲಿ ಪೂರ್ಣಗೊಳಿಸಬೇಕು. ಪ್ರಧಾನಮಂತ್ರಿ ಆವಾಸ್ ಯೋಜನೆಯಡಿ ಅರ್ಹ ಫಲಾನುಭವಿಗಳಿಗೆ ಮನೆ ನಿರ್ಮಿಸಿಕೊಡಬೇಕು. ಕೃಷಿ, ತೋಟಗಾರಿಕೆ, ಆರೋಗ್ಯ ಹಾಗೂ ಶಿಕ್ಷಣ ಇಲಾಖೆಗಳ ಪ್ರಗತಿ ಪರಿಶೀಲನೆ ನಡೆಸಲಾಯಿತು. ರೈತರ ಸಮಸ್ಯೆಗಳಿಗೆ ಸ್ಪಂದಿಸಿ ಕಾಲಮಿತಿಯೊಳಗೆ ಪರಿಹಾರ ಕಲ್ಪಿಸಬೇಕು. ಶಾಲಾ ಕಟ್ಟಡಗಳ ದುರಸ್ತಿ, ಅಂಗನವಾಡಿ ಕೇಂದ್ರಗಳ ನಿರ್ಮಾಣ ಹಾಗೂ ಕುಡಿಯುವ ನೀರಿನ ಸಮಸ್ಯೆ ಬಗೆಹರಿಸಲು ಆದ್ಯತೆ ನೀಡಬೇಕು. ಸಭೆಯಲ್ಲಿ ಜಿಲ್ಲಾಧಿಕಾರಿ, ಜಿಲ್ಲಾ ಪಂಚಾಯತ್ ಮುಖ್ಯ ಕಾರ್ಯನಿರ್ವಾಹಕ ಅಧಿಕಾರಿ, ಸಮಿತಿಯ ಸದಸ್ಯರು ಹಾಗೂ ವಿವಿಧ ಇಲಾಖೆಗಳ ಅಧಿಕಾರಿಗಳು ಉಪಸ್ಥಿತರಿದ್ದರು.
ಜಿಲ್ಲೆಯಲ್ಲಿ ಅತಿವೃಷ್ಟಿಯಿಂದ ಹಾನಿಗೊಳಗಾದ ಬೆಳೆಗಳಿಗೆ ಪರಿಹಾರ ವಿತರಣೆಯಲ್ಲಿ ಯಾವುದೇ ವಿಳಂಬವಾಗಬಾರದು. ಹಾನಿಗೊಳಗಾದ ರಸ್ತೆ ಹಾಗೂ ಸೇತುವೆಗಳ ದುರಸ್ತಿಗೆ ತಕ್ಷಣ ಕ್ರಮ ಕೈಗೊಳ್ಳಬೇಕು ಎಂದು ಸಂಸದ ಜಗದೀಶ ಶೆಟ್ಟರ್ ಅಧಿಕಾರಿಗಳಿಗೆ ಸೂಚನೆ ನೀಡಿದರು. ಜಿಲ್ಲಾ ಪಂಚಾಯತ್ ಸಭಾಂಗಣದಲ್ಲಿ ನಡೆದ ತ್ರೈಮಾಸಿಕ ಜಿಲ್ಲಾ ಅಭಿವೃದ್ಧಿ ಸಮನ್ವಯ ಮತ್ತು ಮೇಲುಸ್ತುವಾರಿ ಸಮಿತಿ ಸಭೆಯ ಅಧ್ಯಕ್ಷತೆ ವಹಿಸಿ ಅವರು ಮಾತನಾಡಿದರು. 2024–25ನೇ ಸಾಲಿನಲ್ಲಿ ಕೇಂದ್ರ ಪುರಸ್ಕೃತ ಯೋಜನೆಗಳ ಅನುಷ್ಠಾನದಲ್ಲಿ ಪ್ರಗತಿ ಸಾಧಿಸಬೇಕು. ನರೇಗಾ ಯೋಜನೆಯಡಿ ಗ್ರಾಮೀಣ ಭಾಗದ ಜನರಿಗೆ ಉದ್ಯೋಗ ಒದಗಿಸಬೇಕು. ಜಲಜೀವನ್ ಮಿಷನ್ ಯೋಜನೆಯ ಕಾಮಗಾರಿಗಳನ್ನು ನಿಗದಿತ ಅವಧಿಯಲ್ಲಿ ಪೂರ್ಣಗೊಳಿಸಬೇಕು. ಪ್ರಧಾನಮಂತ್ರಿ ಆವಾಸ್ ಯೋಜನೆಯಡಿ ಅರ್ಹ ಫಲಾನುಭವಿಗಳಿಗೆ ಮನೆ ನಿರ್ಮಿಸಿಕೊಡಬೇಕು. ಕೃಷಿ, ತೋಟಗಾರಿಕೆ, ಆರೋಗ್ಯ ಹಾಗೂ ಶಿಕ್ಷಣ ಇಲಾಖೆಗಳ ಪ್ರಗತಿ ಪರಿಶೀಲನೆ ನಡೆಸಲಾಯಿತು. ರೈತರ ಸಮಸ್ಯೆಗಳಿಗೆ ಸ್ಪಂದಿಸಿ ಕಾಲಮಿತಿಯೊಳಗೆ ಪರಿಹಾರ ಕಲ್ಪಿಸಬೇಕು. ಶಾಲಾ ಕಟ್ಟಡಗಳ ದುರಸ್ತಿ, ಅಂಗನವಾಡಿ ಕೇಂದ್ರಗಳ ನಿರ್ಮಾಣ ಹಾಗೂ ಕುಡಿಯುವ ನೀರಿನ ಸಮಸ್ಯೆ ಬಗೆಹರಿಸಲು ಆದ್ಯತೆ ನೀಡಬೇಕು. ಸಭೆಯಲ್ಲಿ ಜಿಲ್ಲಾಧಿಕಾರಿ, ಜಿಲ್ಲಾ ಪಂಚಾಯತ್ ಮುಖ್ಯ ಕಾರ್ಯನಿರ್ವಾಹಕ ಅಧಿಕಾರಿ, ಸಮಿತಿಯ ಸದಸ್ಯರು ಹಾಗೂ ವಿವಿಧ ಇಲಾಖೆಗಳ ಅಧಿಕಾರಿಗಳು ಉಪಸ್ಥಿತರಿದ್ದರು.
ದಸರಾ ಕ್ರೀಡಾಕೂಟ:
ಬಾಲಕಿಯರ ಕಬಡ್ಡಿಯಲ್ಲಿ ಪ್ರಥಮ
ಗದಗ: ನಗರದ ಕೆ.ಎಚ್. ಪಾಟೀಲ ಜಿಲ್ಲಾ ಕ್ರೀಡಾಂಗಣದಲ್ಲಿ ನಡೆದ ದಸರಾ ಕ್ರೀಡಾಕೂಟದ ಬಾಲಕಿಯರ ಕಬಡ್ಡಿ ಸ್ಪರ್ಧೆಯಲ್ಲಿ ಸರ್ಕಾರಿ ಪ್ರೌಢಶಾಲೆಯ ವಿದ್ಯಾರ್ಥಿನಿಯರು ಪ್ರಥಮ ಸ್ಥಾನ ಪಡೆದು ಜಿಲ್ಲಾ ಮಟ್ಟಕ್ಕೆ ಆಯ್ಕೆಯಾಗಿದ್ದಾರೆ. ಶಾಲೆಯ ಮುಖ್ಯೋಪಾಧ್ಯಾಯರು, ದೈಹಿಕ ಶಿಕ್ಷಕರು ಹಾಗೂ ಎಸ್‌ಡಿಎಂಸಿ ಸದಸ್ಯರು ವಿಜೇತ ತಂಡವನ್ನು ಅಭಿನಂದಿಸಿದ್ದಾರೆ. ಮುಂದಿನ ಹಂತದಲ್ಲೂ ಉತ್ತಮ ಪ್ರದರ್ಶನ ನೀಡಲಿ ಎಂದು ಹಾರೈಸಿದ್ದಾರೆ.
ವಿದ್ಯುತ್ ಪೂರೈಕೆಯಲ್ಲಿ ವ್ಯತ್ಯಯ
ಬೆಂಗಳೂರು ವಿದ್ಯುತ್ ಸರಬರಾಜು ಕಂಪನಿಯ 220/66/11 ಕೆವಿ ಉಪಕೇಂದ್ರದಲ್ಲಿ ತುರ್ತು ನಿರ್ವಹಣಾ ಕಾಮಗಾರಿ ಹಮ್ಮಿಕೊಂಡಿರುವುದರಿಂದ ಸೆ.25 ರಂದು ಬೆಳಿಗ್ಗೆ 10 ರಿಂದ ಸಂಜೆ 5 ಗಂಟೆಯವರೆಗೆ ಸುತ್ತಮುತ್ತಲಿನ ಪ್ರದೇಶಗಳಲ್ಲಿ ವಿದ್ಯುತ್ ವ್ಯತ್ಯಯ ಉಂಟಾಗಲಿದೆ. ಸಾರ್ವಜನಿಕರು ಸಹಕರಿಸಬೇಕು ಎಂದು ಕಂಪನಿಯ ಪ್ರಕಟಣೆ ತಿಳಿಸಿದೆ.
